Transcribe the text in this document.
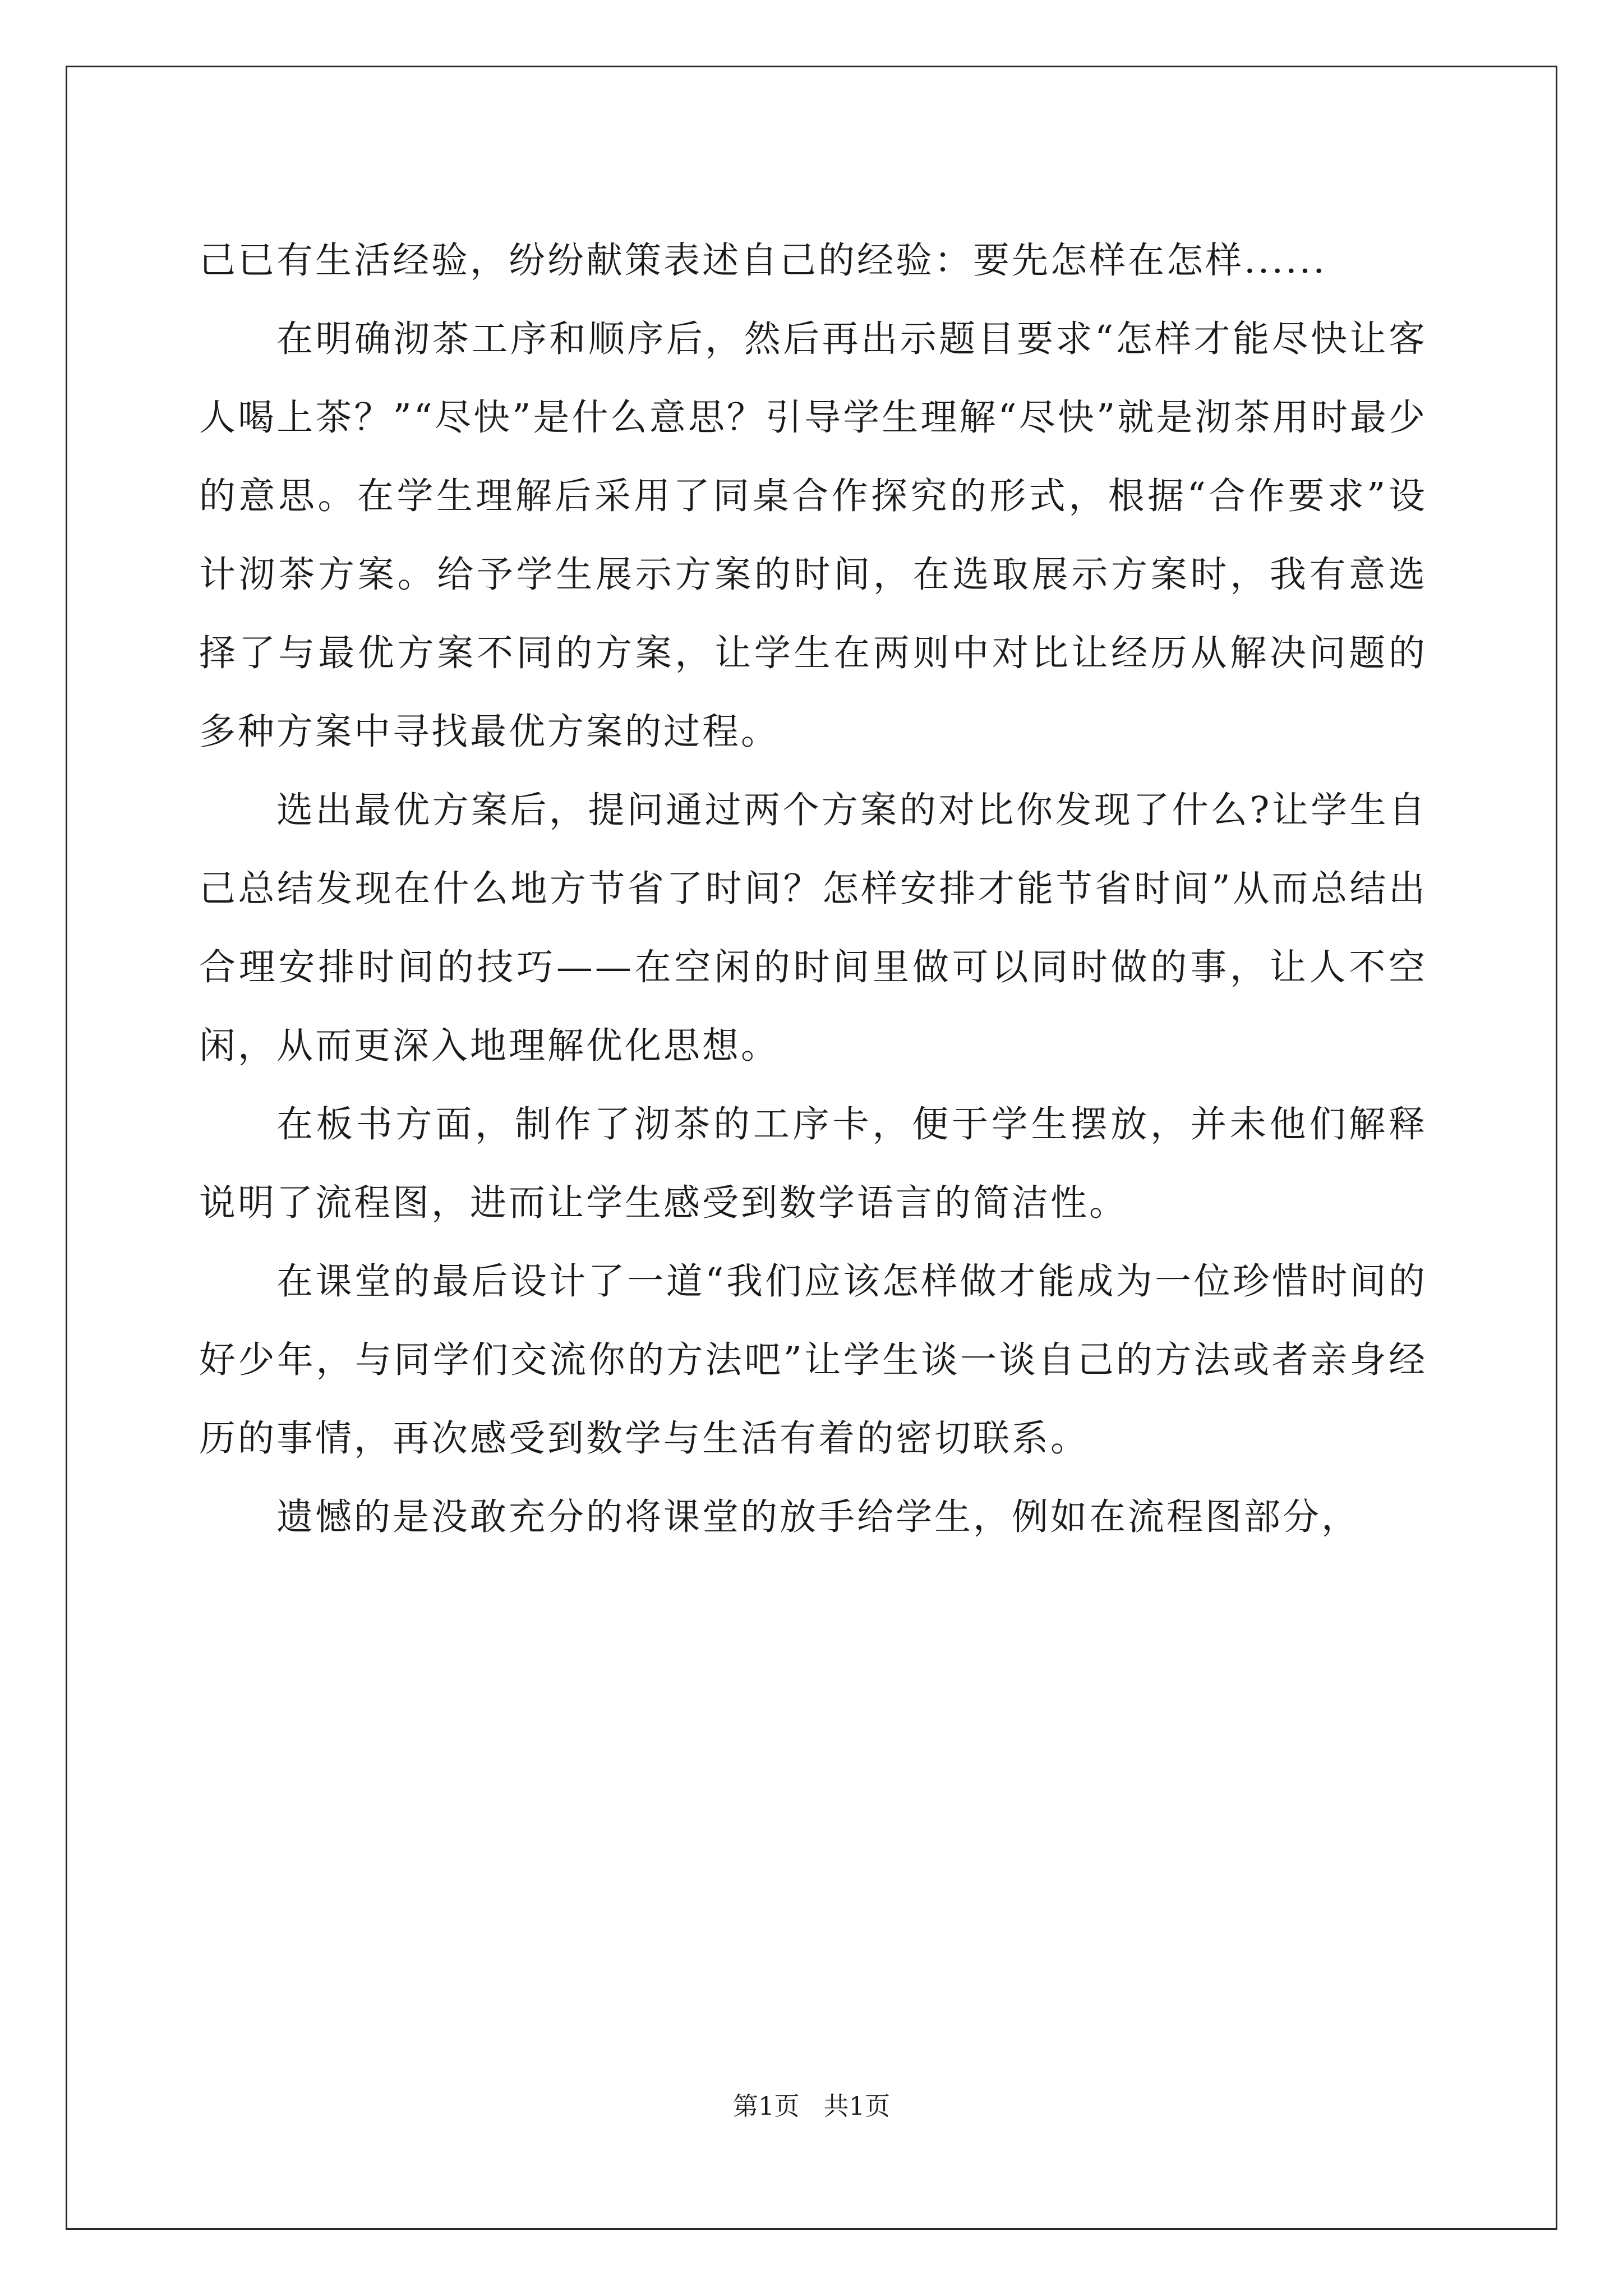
己已有生活经验，纷纷献策表述自己的经验：要先怎样在怎样......

在明确沏茶工序和顺序后，然后再出示题目要求“怎样才能尽快让客人喝上茶？”“尽快”是什么意思？引导学生理解“尽快”就是沏茶用时最少的意思。在学生理解后采用了同桌合作探究的形式，根据“合作要求”设计沏茶方案。给予学生展示方案的时间，在选取展示方案时，我有意选择了与最优方案不同的方案，让学生在两则中对比让经历从解决问题的多种方案中寻找最优方案的过程。

选出最优方案后，提问通过两个方案的对比你发现了什么?让学生自己总结发现在什么地方节省了时间？怎样安排才能节省时间”从而总结出合理安排时间的技巧——在空闲的时间里做可以同时做的事，让人不空闲，从而更深入地理解优化思想。

在板书方面，制作了沏茶的工序卡，便于学生摆放，并未他们解释说明了流程图，进而让学生感受到数学语言的简洁性。

在课堂的最后设计了一道“我们应该怎样做才能成为一位珍惜时间的好少年，与同学们交流你的方法吧”让学生谈一谈自己的方法或者亲身经历的事情，再次感受到数学与生活有着的密切联系。

遗憾的是没敢充分的将课堂的放手给学生，例如在流程图部分，

第1页 共1页
